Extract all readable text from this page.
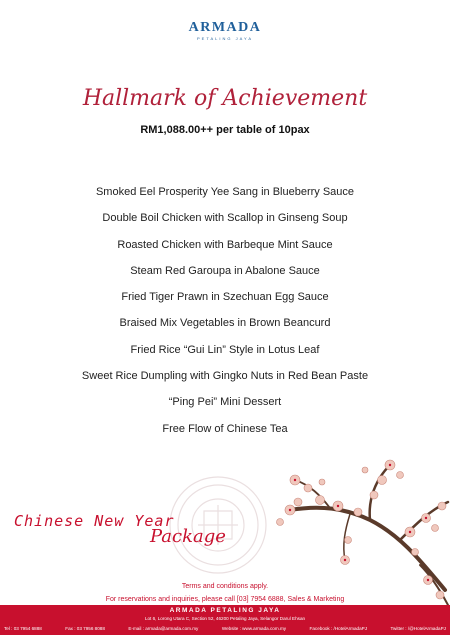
ARMADA
PETALING JAYA
Hallmark of Achievement
RM1,088.00++ per table of 10pax
Smoked Eel Prosperity Yee Sang in Blueberry Sauce
Double Boil Chicken with Scallop in Ginseng Soup
Roasted Chicken with Barbeque Mint Sauce
Steam Red Garoupa in Abalone Sauce
Fried Tiger Prawn in Szechuan Egg Sauce
Braised Mix Vegetables in Brown Beancurd
Fried Rice “Gui Lin” Style in Lotus Leaf
Sweet Rice Dumpling with Gingko Nuts in Red Bean Paste
“Ping Pei” Mini Dessert
Free Flow of Chinese Tea
Chinese New Year
Package
Terms and conditions apply.
For reservations and inquiries, please call [03] 7954 6888, Sales & Marketing
ARMADA PETALING JAYA
Lot 6, Lorong Utara C, Section 52, 46200 Petaling Jaya, Selangor Darul Ehsan
Tel : 03 7954 6888	Fax : 03 7956 8088	E-mail : armada@armada.com.my	Website : www.armada.com.my	Facebook : /HotelArmadaPJ	Twitter : /@HotelArmadaPJ
